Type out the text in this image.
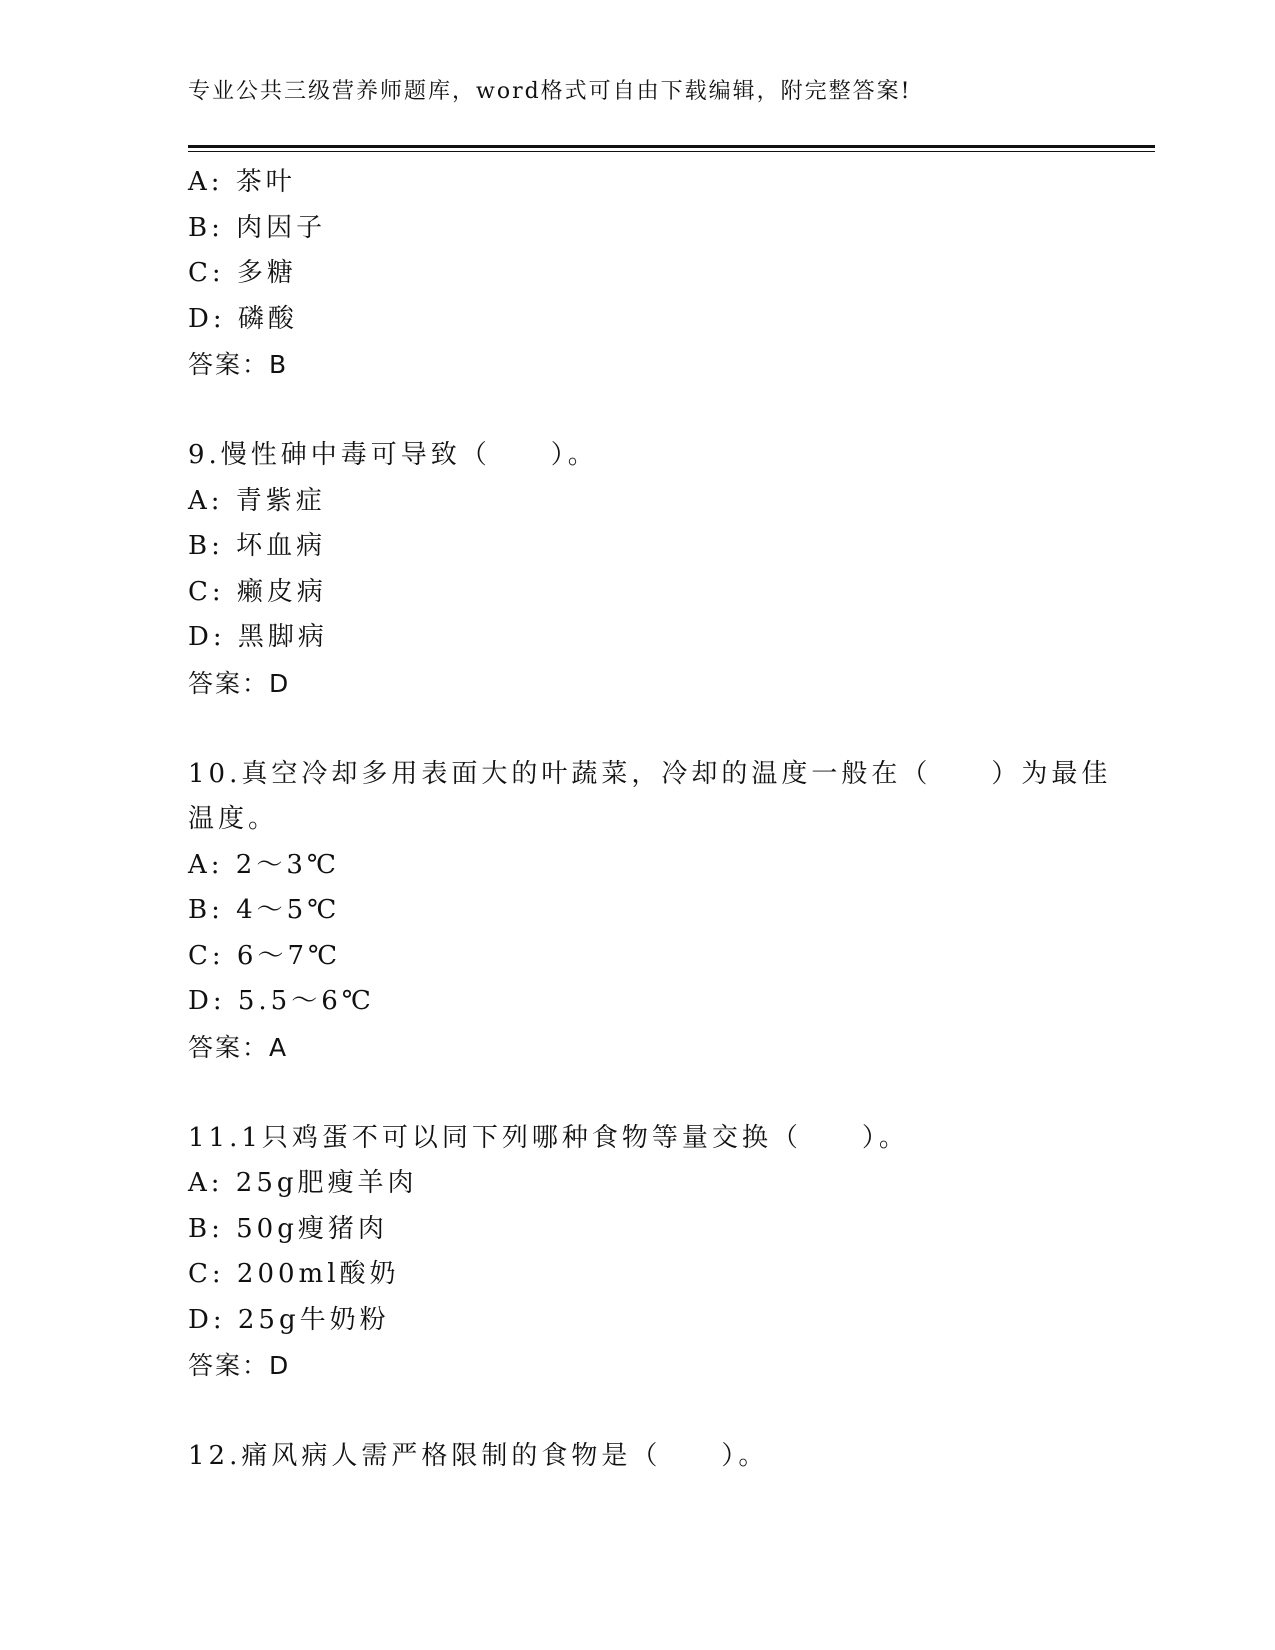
专业公共三级营养师题库，word格式可自由下载编辑，附完整答案!
A: 茶叶
B: 肉因子
C: 多糖
D: 磷酸
答案：B
9.慢性砷中毒可导致（　　）。
A: 青紫症
B: 坏血病
C: 癞皮病
D: 黑脚病
答案：D
10.真空冷却多用表面大的叶蔬菜，冷却的温度一般在（　　）为最佳
温度。
A: 2～3℃
B: 4～5℃
C: 6～7℃
D: 5.5～6℃
答案：A
11.1只鸡蛋不可以同下列哪种食物等量交换（　　）。
A: 25g肥瘦羊肉
B: 50g瘦猪肉
C: 200ml酸奶
D: 25g牛奶粉
答案：D
12.痛风病人需严格限制的食物是（　　）。
